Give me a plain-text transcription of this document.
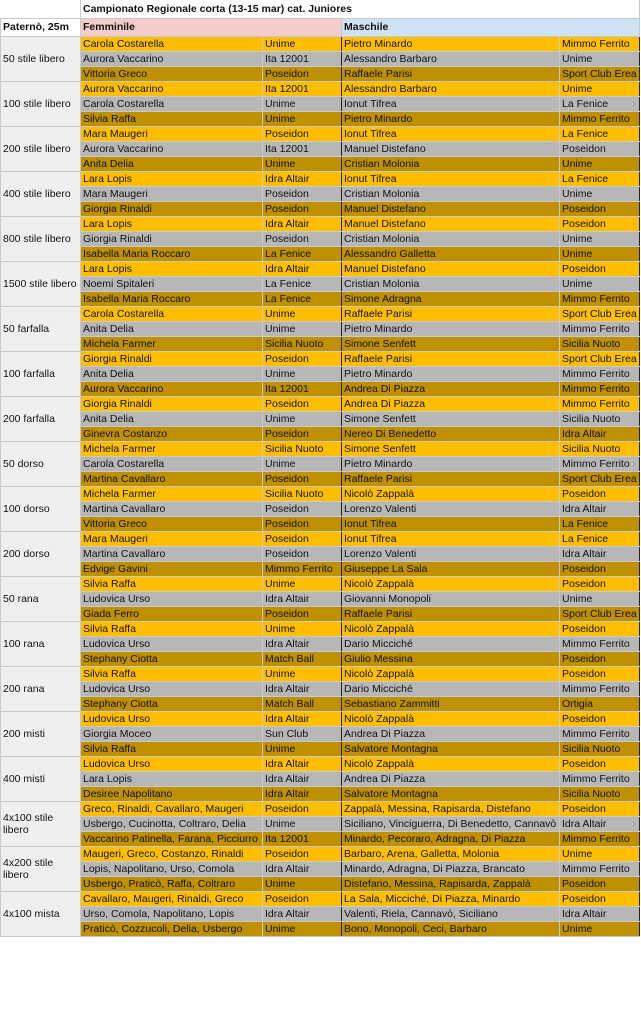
	Campionato Regionale corta (13-15 mar) cat. Juniores			
Paternò, 25m	Femminile		Maschile	
50 stile libero	Carola Costarella	Unime	Pietro Minardo	Mimmo Ferrito
	Aurora Vaccarino	Ita 12001	Alessandro Barbaro	Unime
	Vittoria Greco	Poseidon	Raffaele Parisi	Sport Club Erea
100 stile libero	Aurora Vaccarino	Ita 12001	Alessandro Barbaro	Unime
	Carola Costarella	Unime	Ionut Tifrea	La Fenice
	Silvia Raffa	Unime	Pietro Minardo	Mimmo Ferrito
200 stile libero	Mara Maugeri	Poseidon	Ionut Tifrea	La Fenice
	Aurora Vaccarino	Ita 12001	Manuel Distefano	Poseidon
	Anita Delia	Unime	Cristian Molonia	Unime
400 stile libero	Lara Lopis	Idra Altair	Ionut Tifrea	La Fenice
	Mara Maugeri	Poseidon	Cristian Molonia	Unime
	Giorgia Rinaldi	Poseidon	Manuel Distefano	Poseidon
800 stile libero	Lara Lopis	Idra Altair	Manuel Distefano	Poseidon
	Giorgia Rinaldi	Poseidon	Cristian Molonia	Unime
	Isabella Maria Roccaro	La Fenice	Alessandro Galletta	Unime
1500 stile libero	Lara Lopis	Idra Altair	Manuel Distefano	Poseidon
	Noemi Spitaleri	La Fenice	Cristian Molonia	Unime
	Isabella Maria Roccaro	La Fenice	Simone Adragna	Mimmo Ferrito
50 farfalla	Carola Costarella	Unime	Raffaele Parisi	Sport Club Erea
	Anita Delia	Unime	Pietro Minardo	Mimmo Ferrito
	Michela Farmer	Sicilia Nuoto	Simone Senfett	Sicilia Nuoto
100 farfalla	Giorgia Rinaldi	Poseidon	Raffaele Parisi	Sport Club Erea
	Anita Delia	Unime	Pietro Minardo	Mimmo Ferrito
	Aurora Vaccarino	Ita 12001	Andrea Di Piazza	Mimmo Ferrito
200 farfalla	Giorgia Rinaldi	Poseidon	Andrea Di Piazza	Mimmo Ferrito
	Anita Delia	Unime	Simone Senfett	Sicilia Nuoto
	Ginevra Costanzo	Poseidon	Nereo Di Benedetto	Idra Altair
50 dorso	Michela Farmer	Sicilia Nuoto	Simone Senfett	Sicilia Nuoto
	Carola Costarella	Unime	Pietro Minardo	Mimmo Ferrito
	Martina Cavallaro	Poseidon	Raffaele Parisi	Sport Club Erea
100 dorso	Michela Farmer	Sicilia Nuoto	Nicolò Zappalà	Poseidon
	Martina Cavallaro	Poseidon	Lorenzo Valenti	Idra Altair
	Vittoria Greco	Poseidon	Ionut Tifrea	La Fenice
200 dorso	Mara Maugeri	Poseidon	Ionut Tifrea	La Fenice
	Martina Cavallaro	Poseidon	Lorenzo Valenti	Idra Altair
	Edvige Gavini	Mimmo Ferrito	Giuseppe La Sala	Poseidon
50 rana	Silvia Raffa	Unime	Nicolò Zappalà	Poseidon
	Ludovica Urso	Idra Altair	Giovanni Monopoli	Unime
	Giada Ferro	Poseidon	Raffaele Parisi	Sport Club Erea
100 rana	Silvia Raffa	Unime	Nicolò Zappalà	Poseidon
	Ludovica Urso	Idra Altair	Dario Micciché	Mimmo Ferrito
	Stephany Ciotta	Match Ball	Giulio Messina	Poseidon
200 rana	Silvia Raffa	Unime	Nicolò Zappalà	Poseidon
	Ludovica Urso	Idra Altair	Dario Micciché	Mimmo Ferrito
	Stephany Ciotta	Match Ball	Sebastiano Zammitti	Ortigia
200 misti	Ludovica Urso	Idra Altair	Nicolò Zappalà	Poseidon
	Giorgia Moceo	Sun Club	Andrea Di Piazza	Mimmo Ferrito
	Silvia Raffa	Unime	Salvatore Montagna	Sicilia Nuoto
400 misti	Ludovica Urso	Idra Altair	Nicolò Zappalà	Poseidon
	Lara Lopis	Idra Altair	Andrea Di Piazza	Mimmo Ferrito
	Desiree Napolitano	Idra Altair	Salvatore Montagna	Sicilia Nuoto
4x100 stile libero	Greco, Rinaldi, Cavallaro, Maugeri	Poseidon	Zappalà, Messina, Rapisarda, Distefano	Poseidon
	Usbergo, Cucinotta, Coltraro, Delia	Unime	Siciliano, Vinciguerra, Di Benedetto, Cannavò	Idra Altair
	Vaccarino Patinella, Farana, Picciurro	Ita 12001	Minardo, Pecoraro, Adragna, Di Piazza	Mimmo Ferrito
4x200 stile libero	Maugeri, Greco, Costanzo, Rinaldi	Poseidon	Barbaro, Arena, Galletta, Molonia	Unime
	Lopis, Napolitano, Urso, Comola	Idra Altair	Minardo, Adragna, Di Piazza, Brancato	Mimmo Ferrito
	Usbergo, Praticò, Raffa, Coltraro	Unime	Distefano, Messina, Rapisarda, Zappalà	Poseidon
4x100 mista	Cavallaro, Maugeri, Rinaldi, Greco	Poseidon	La Sala, Micciché, Di Piazza, Minardo	Poseidon
	Urso, Comola, Napolitano, Lopis	Idra Altair	Valenti, Riela, Cannavò, Siciliano	Idra Altair
	Praticò, Cozzucoli, Delia, Usbergo	Unime	Bono, Monopoli, Ceci, Barbaro	Unime
